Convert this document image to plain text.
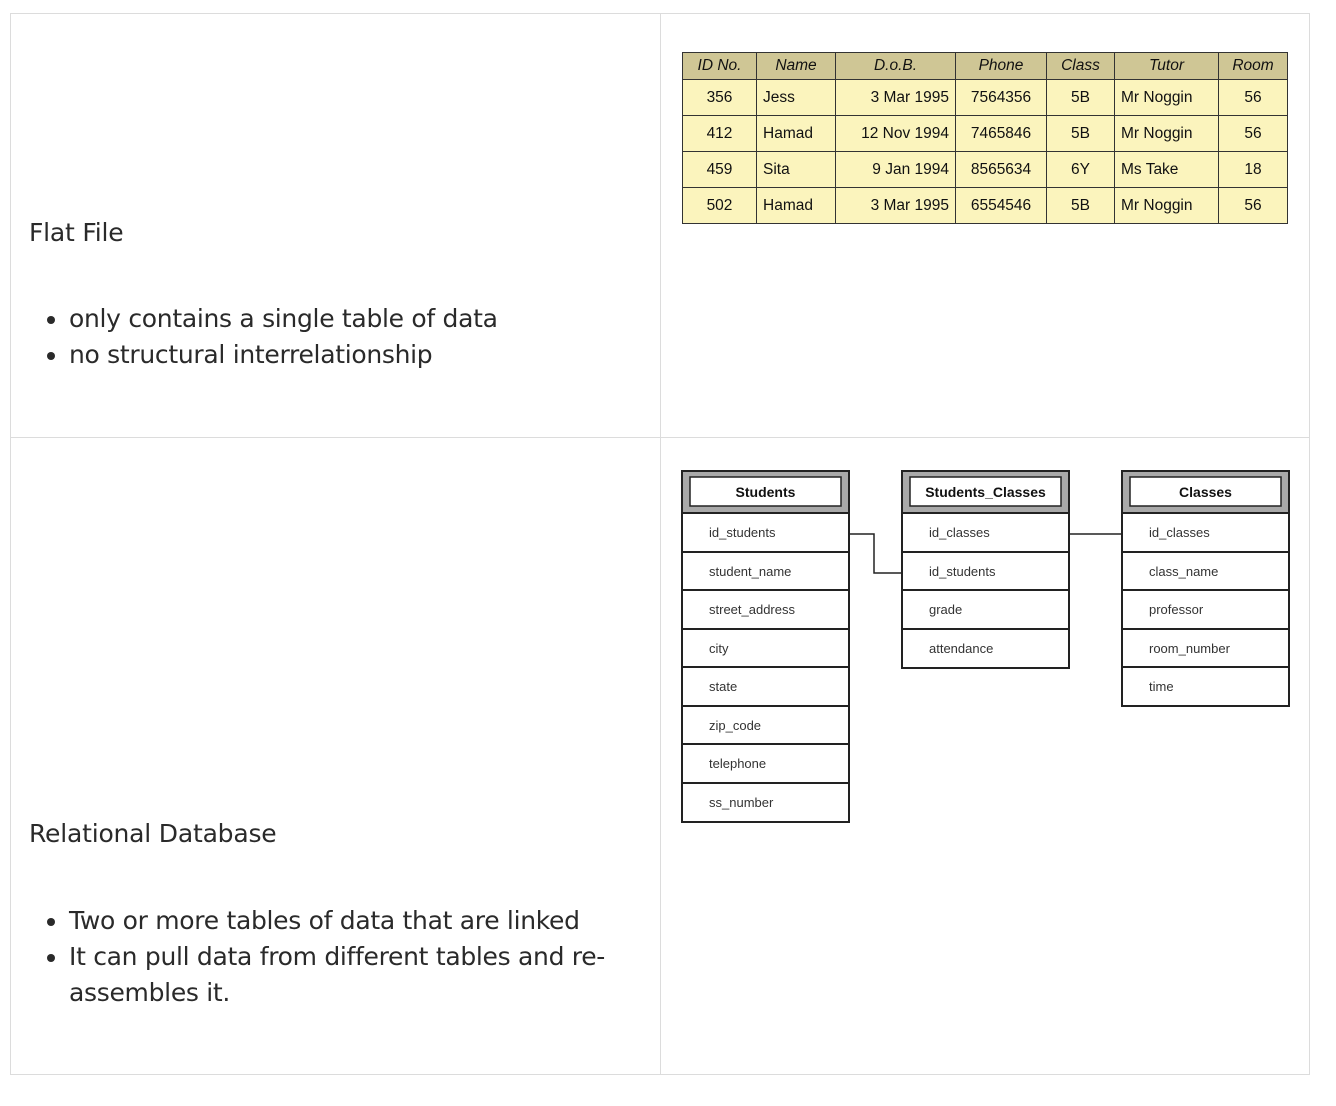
Flat File
• only contains a single table of data
• no structural interrelationship
ID No.	Name	D.o.B.	Phone	Class	Tutor	Room
356	Jess	3 Mar 1995	7564356	5B	Mr Noggin	56
412	Hamad	12 Nov 1994	7465846	5B	Mr Noggin	56
459	Sita	9 Jan 1994	8565634	6Y	Ms Take	18
502	Hamad	3 Mar 1995	6554546	5B	Mr Noggin	56
Relational Database
• Two or more tables of data that are linked
• It can pull data from different tables and re-assembles it.
Students
id_students
student_name
street_address
city
state
zip_code
telephone
ss_number
Students_Classes
id_classes
id_students
grade
attendance
Classes
id_classes
class_name
professor
room_number
time
